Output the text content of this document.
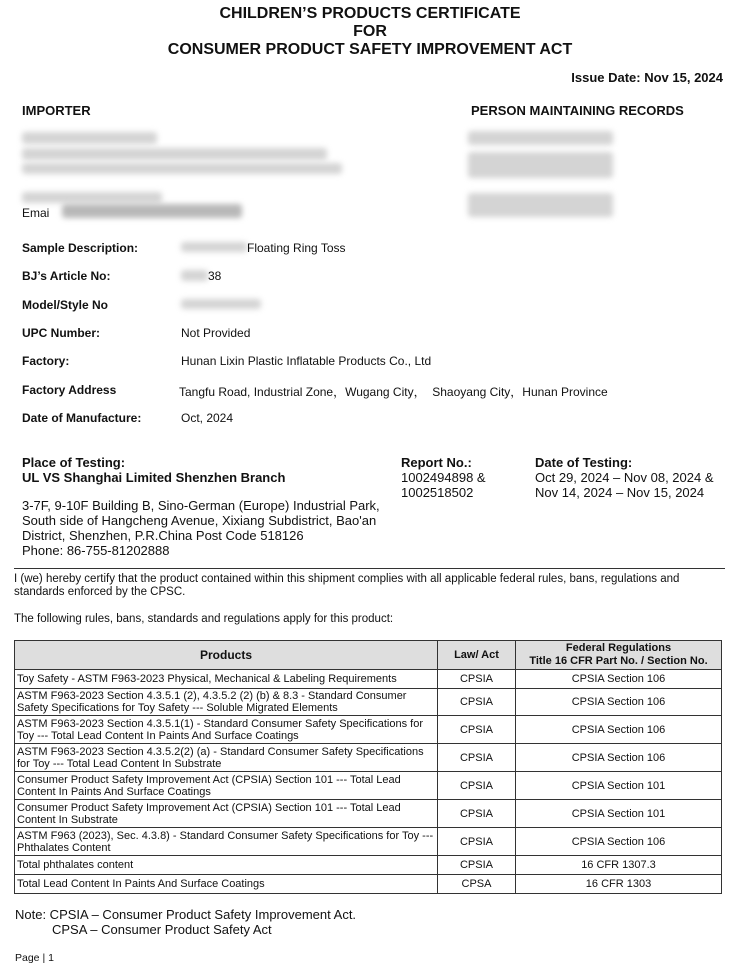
CHILDREN’S PRODUCTS CERTIFICATE
FOR
CONSUMER PRODUCT SAFETY IMPROVEMENT ACT
Issue Date: Nov 15, 2024
IMPORTER
Emai
PERSON MAINTAINING RECORDS
Sample Description:	Floating Ring Toss
BJ’s Article No:	38
Model/Style No
UPC Number:	Not Provided
Factory:	Hunan Lixin Plastic Inflatable Products Co., Ltd
Factory Address	Tangfu Road, Industrial Zone，Wugang City，  Shaoyang City，Hunan Province
Date of Manufacture:	Oct, 2024
Place of Testing:
UL VS Shanghai Limited Shenzhen Branch
3-7F, 9-10F Building B, Sino-German (Europe) Industrial Park,
South side of Hangcheng Avenue, Xixiang Subdistrict, Bao'an
District, Shenzhen, P.R.China Post Code 518126
Phone: 86-755-81202888
Report No.:
1002494898 &
1002518502
Date of Testing:
Oct 29, 2024 – Nov 08, 2024 &
Nov 14, 2024 – Nov 15, 2024
I (we) hereby certify that the product contained within this shipment complies with all applicable federal rules, bans, regulations and
standards enforced by the CPSC.
The following rules, bans, standards and regulations apply for this product:
Products	Law/ Act	Federal Regulations
Title 16 CFR Part No. / Section No.

Toy Safety - ASTM F963-2023 Physical, Mechanical & Labeling Requirements	CPSIA	CPSIA Section 106
ASTM F963-2023 Section 4.3.5.1 (2), 4.3.5.2 (2) (b) & 8.3 - Standard Consumer Safety Specifications for Toy Safety --- Soluble Migrated Elements	CPSIA	CPSIA Section 106
ASTM F963-2023 Section 4.3.5.1(1) - Standard Consumer Safety Specifications for Toy --- Total Lead Content In Paints And Surface Coatings	CPSIA	CPSIA Section 106
ASTM F963-2023 Section 4.3.5.2(2) (a) - Standard Consumer Safety Specifications for Toy --- Total Lead Content In Substrate	CPSIA	CPSIA Section 106
Consumer Product Safety Improvement Act (CPSIA) Section 101 --- Total Lead Content In Paints And Surface Coatings	CPSIA	CPSIA Section 101
Consumer Product Safety Improvement Act (CPSIA) Section 101 --- Total Lead Content In Substrate	CPSIA	CPSIA Section 101
ASTM F963 (2023), Sec. 4.3.8) - Standard Consumer Safety Specifications for Toy --- Phthalates Content	CPSIA	CPSIA Section 106
Total phthalates content	CPSIA	16 CFR 1307.3
Total Lead Content In Paints And Surface Coatings	CPSA	16 CFR 1303
Note: CPSIA – Consumer Product Safety Improvement Act.
CPSA – Consumer Product Safety Act
Page | 1
